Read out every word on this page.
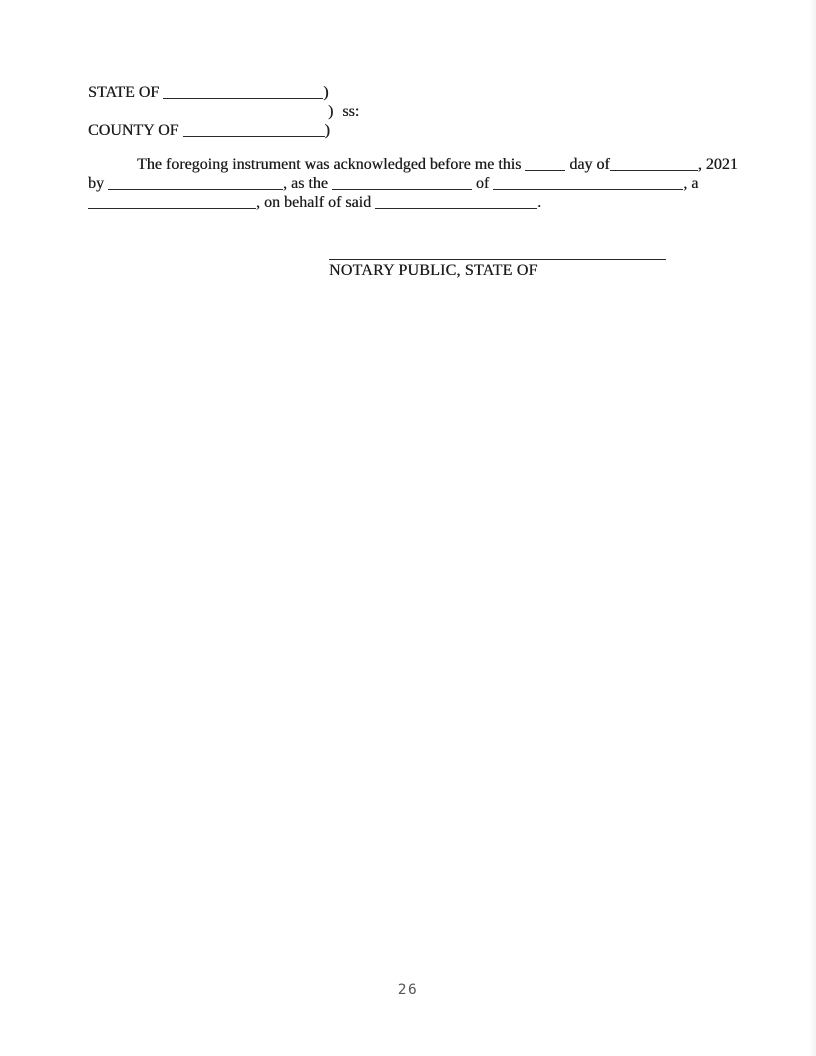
STATE OF	)
) ss:
COUNTY OF	)
The foregoing instrument was acknowledged before me this	day of	, 2021
by	, as the	of	, a
, on behalf of said	.
NOTARY PUBLIC, STATE OF
26
